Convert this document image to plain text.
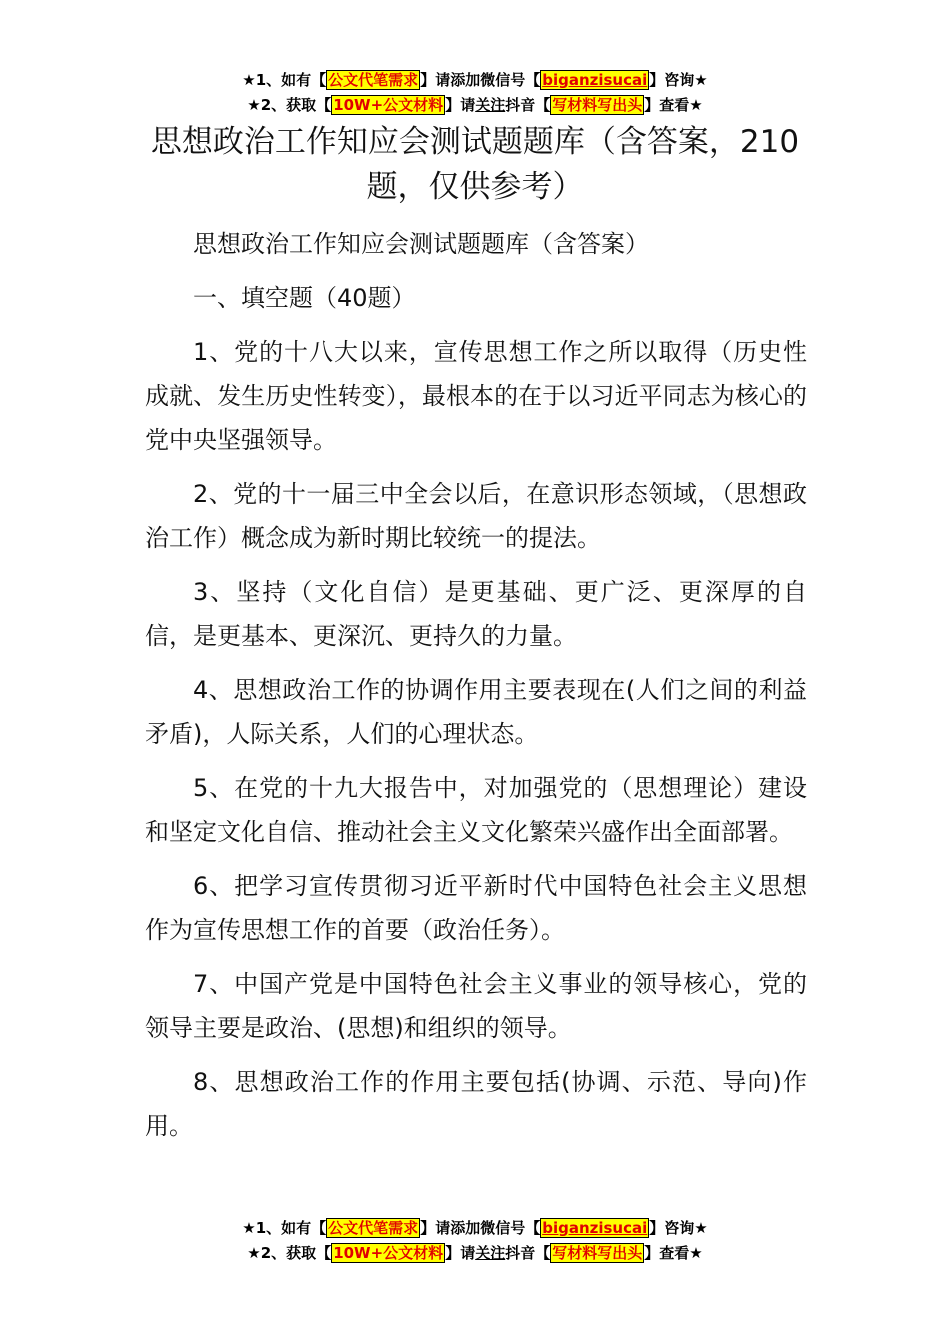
★1、如有【 公文代笔需求 】请添加微信号【 biganzisucai 】咨询★
★2、获取【 10W+公文材料 】请关注抖音【 写材料写出头 】查看★
思想政治工作知应会测试题题库（含答案，210题，仅供参考）

思想政治工作知应会测试题题库（含答案）

一、填空题（40题）

1、党的十八大以来，宣传思想工作之所以取得（历史性成就、发生历史性转变），最根本的在于以习近平同志为核心的党中央坚强领导。

2、党的十一届三中全会以后，在意识形态领域，（思想政治工作）概念成为新时期比较统一的提法。

3、坚持（文化自信）是更基础、更广泛、更深厚的自信，是更基本、更深沉、更持久的力量。

4、思想政治工作的协调作用主要表现在(人们之间的利益矛盾)，人际关系，人们的心理状态。

5、在党的十九大报告中，对加强党的（思想理论）建设和坚定文化自信、推动社会主义文化繁荣兴盛作出全面部署。

6、把学习宣传贯彻习近平新时代中国特色社会主义思想作为宣传思想工作的首要（政治任务）。

7、中国产党是中国特色社会主义事业的领导核心，党的领导主要是政治、(思想)和组织的领导。

8、思想政治工作的作用主要包括(协调、示范、导向)作用。

★1、如有【 公文代笔需求 】请添加微信号【 biganzisucai 】咨询★
★2、获取【 10W+公文材料 】请关注抖音【 写材料写出头 】查看★
